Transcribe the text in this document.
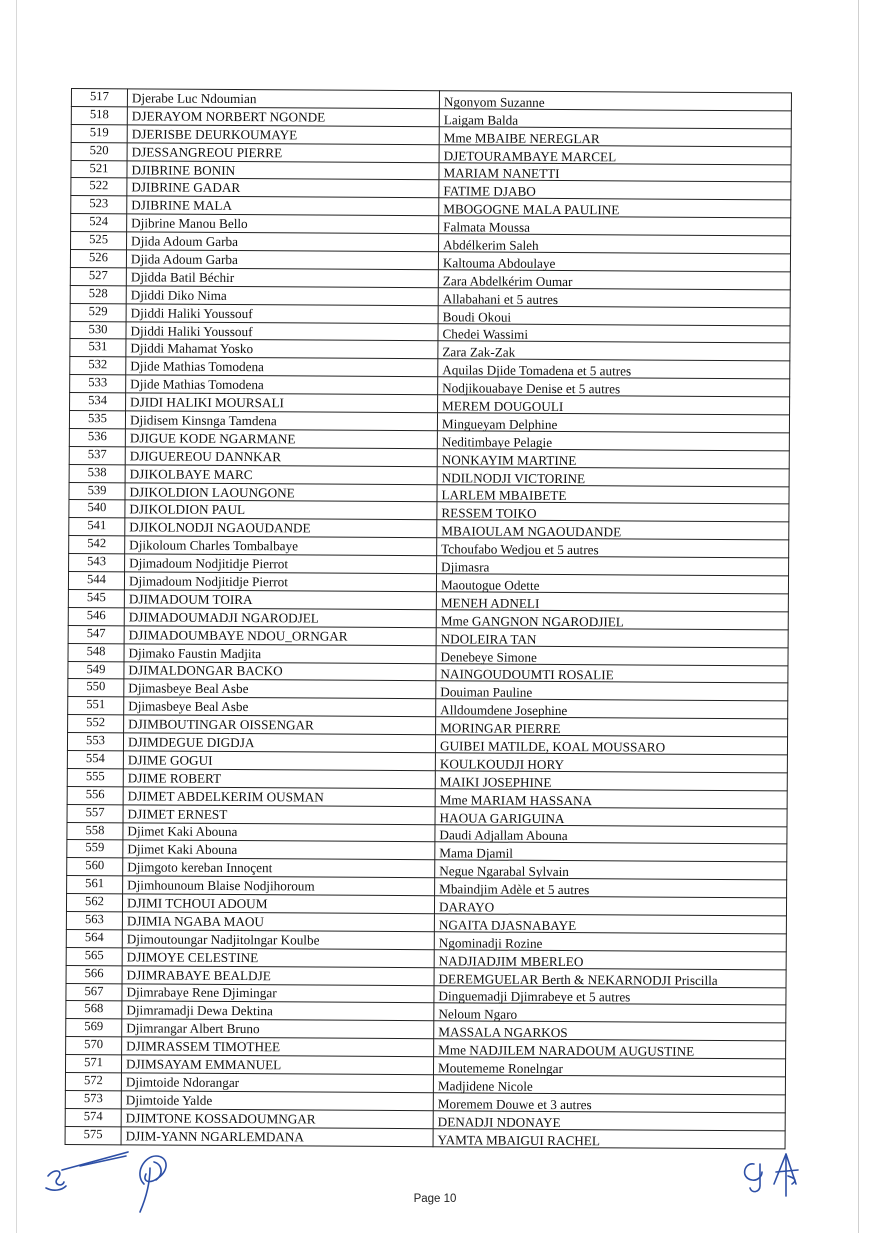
517	Djerabe Luc Ndoumian	Ngonyom Suzanne
518	DJERAYOM NORBERT NGONDE	Laigam Balda
519	DJERISBE DEURKOUMAYE	Mme MBAIBE NEREGLAR
520	DJESSANGREOU PIERRE	DJETOURAMBAYE MARCEL
521	DJIBRINE BONIN	MARIAM NANETTI
522	DJIBRINE GADAR	FATIME DJABO
523	DJIBRINE MALA	MBOGOGNE MALA PAULINE
524	Djibrine Manou Bello	Falmata Moussa
525	Djida Adoum Garba	Abdélkerim Saleh
526	Djida Adoum Garba	Kaltouma Abdoulaye
527	Djidda Batil Béchir	Zara Abdelkérim Oumar
528	Djiddi Diko Nima	Allabahani et 5 autres
529	Djiddi Haliki Youssouf	Boudi Okoui
530	Djiddi Haliki Youssouf	Chedei Wassimi
531	Djiddi Mahamat Yosko	Zara Zak-Zak
532	Djide Mathias Tomodena	Aquilas Djide Tomadena et 5 autres
533	Djide Mathias Tomodena	Nodjikouabaye Denise et 5 autres
534	DJIDI HALIKI MOURSALI	MEREM DOUGOULI
535	Djidisem Kinsnga Tamdena	Mingueyam Delphine
536	DJIGUE KODE NGARMANE	Neditimbaye Pelagie
537	DJIGUEREOU DANNKAR	NONKAYIM MARTINE
538	DJIKOLBAYE MARC	NDILNODJI VICTORINE
539	DJIKOLDION LAOUNGONE	LARLEM MBAIBETE
540	DJIKOLDION PAUL	RESSEM TOIKO
541	DJIKOLNODJI NGAOUDANDE	MBAIOULAM NGAOUDANDE
542	Djikoloum Charles Tombalbaye	Tchoufabo Wedjou et 5 autres
543	Djimadoum Nodjitidje Pierrot	Djimasra
544	Djimadoum Nodjitidje Pierrot	Maoutogue Odette
545	DJIMADOUM TOIRA	MENEH ADNELI
546	DJIMADOUMADJI NGARODJEL	Mme GANGNON NGARODJIEL
547	DJIMADOUMBAYE NDOU_ORNGAR	NDOLEIRA TAN
548	Djimako Faustin Madjita	Denebeye Simone
549	DJIMALDONGAR BACKO	NAINGOUDOUMTI ROSALIE
550	Djimasbeye Beal Asbe	Douiman Pauline
551	Djimasbeye Beal Asbe	Alldoumdene Josephine
552	DJIMBOUTINGAR OISSENGAR	MORINGAR PIERRE
553	DJIMDEGUE DIGDJA	GUIBEI MATILDE, KOAL MOUSSARO
554	DJIME GOGUI	KOULKOUDJI HORY
555	DJIME ROBERT	MAIKI JOSEPHINE
556	DJIMET ABDELKERIM OUSMAN	Mme MARIAM HASSANA
557	DJIMET ERNEST	HAOUA GARIGUINA
558	Djimet Kaki Abouna	Daudi Adjallam Abouna
559	Djimet Kaki Abouna	Mama Djamil
560	Djimgoto kereban Innoçent	Negue Ngarabal Sylvain
561	Djimhounoum Blaise Nodjihoroum	Mbaindjim Adèle et 5 autres
562	DJIMI TCHOUI ADOUM	DARAYO
563	DJIMIA NGABA MAOU	NGAITA DJASNABAYE
564	Djimoutoungar Nadjitolngar Koulbe	Ngominadji Rozine
565	DJIMOYE CELESTINE	NADJIADJIM MBERLEO
566	DJIMRABAYE BEALDJE	DEREMGUELAR Berth & NEKARNODJI Priscilla
567	Djimrabaye Rene Djimingar	Dinguemadji Djimrabeye et 5 autres
568	Djimramadji Dewa Dektina	Neloum Ngaro
569	Djimrangar Albert Bruno	MASSALA NGARKOS
570	DJIMRASSEM TIMOTHEE	Mme NADJILEM NARADOUM AUGUSTINE
571	DJIMSAYAM EMMANUEL	Moutememe Ronelngar
572	Djimtoide Ndorangar	Madjidene Nicole
573	Djimtoide Yalde	Moremem Douwe et 3 autres
574	DJIMTONE KOSSADOUMNGAR	DENADJI NDONAYE
575	DJIM-YANN NGARLEMDANA	YAMTA MBAIGUI RACHEL
Page 10
